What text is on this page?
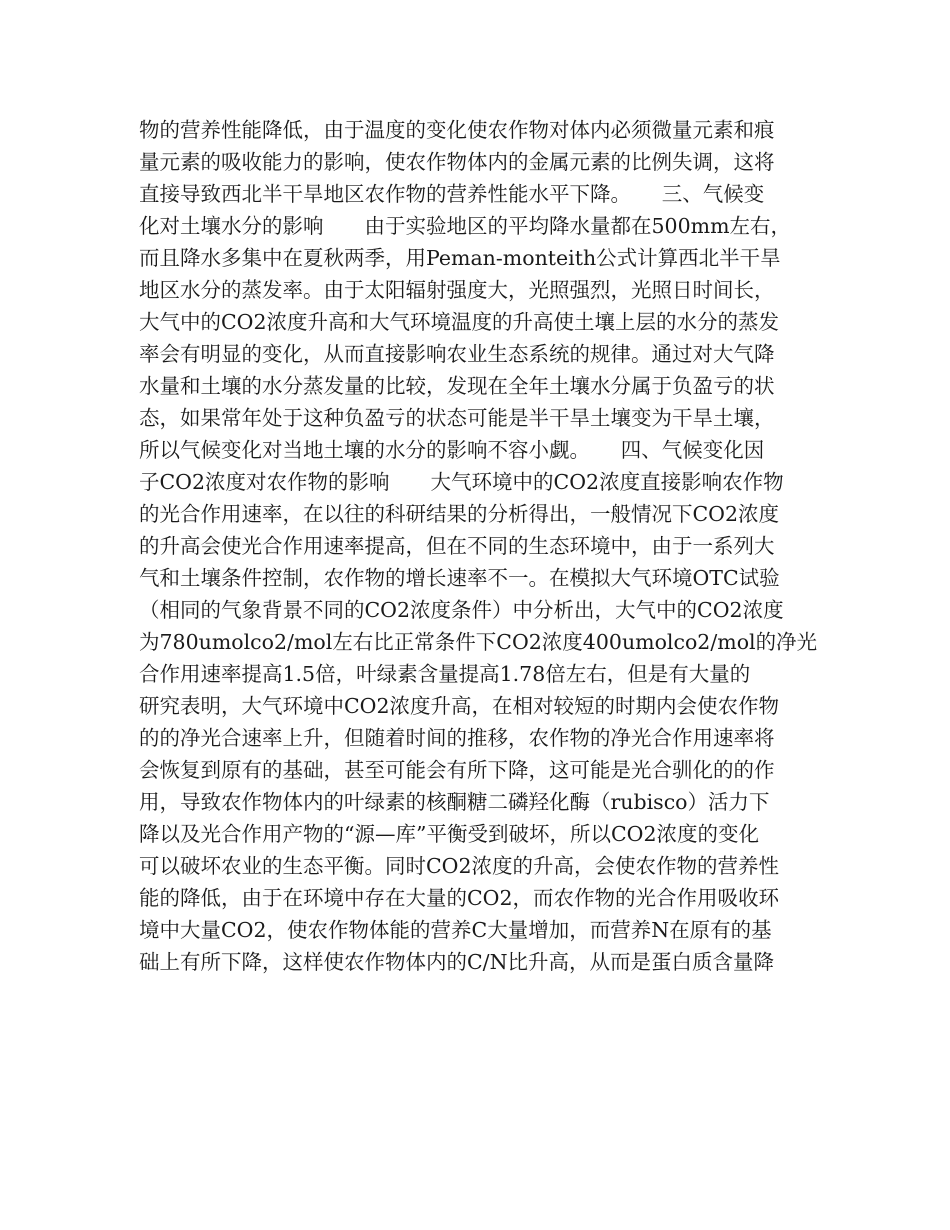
物的营养性能降低，由于温度的变化使农作物对体内必须微量元素和痕
量元素的吸收能力的影响，使农作物体内的金属元素的比例失调，这将
直接导致西北半干旱地区农作物的营养性能水平下降。　　三、气候变
化对土壤水分的影响　　由于实验地区的平均降水量都在500mm左右，
而且降水多集中在夏秋两季，用Peman-monteith公式计算西北半干旱
地区水分的蒸发率。由于太阳辐射强度大，光照强烈，光照日时间长，
大气中的CO2浓度升高和大气环境温度的升高使土壤上层的水分的蒸发
率会有明显的变化，从而直接影响农业生态系统的规律。通过对大气降
水量和土壤的水分蒸发量的比较，发现在全年土壤水分属于负盈亏的状
态，如果常年处于这种负盈亏的状态可能是半干旱土壤变为干旱土壤，
所以气候变化对当地土壤的水分的影响不容小觑。　　四、气候变化因
子CO2浓度对农作物的影响　　大气环境中的CO2浓度直接影响农作物
的光合作用速率，在以往的科研结果的分析得出，一般情况下CO2浓度
的升高会使光合作用速率提高，但在不同的生态环境中，由于一系列大
气和土壤条件控制，农作物的增长速率不一。在模拟大气环境OTC试验
（相同的气象背景不同的CO2浓度条件）中分析出，大气中的CO2浓度
为780umolco2/mol左右比正常条件下CO2浓度400umolco2/mol的净光
合作用速率提高1.5倍，叶绿素含量提高1.78倍左右，但是有大量的
研究表明，大气环境中CO2浓度升高，在相对较短的时期内会使农作物
的的净光合速率上升，但随着时间的推移，农作物的净光合作用速率将
会恢复到原有的基础，甚至可能会有所下降，这可能是光合驯化的的作
用，导致农作物体内的叶绿素的核酮糖二磷羟化酶（rubisco）活力下
降以及光合作用产物的“源—库”平衡受到破坏，所以CO2浓度的变化
可以破坏农业的生态平衡。同时CO2浓度的升高，会使农作物的营养性
能的降低，由于在环境中存在大量的CO2，而农作物的光合作用吸收环
境中大量CO2，使农作物体能的营养C大量增加，而营养N在原有的基
础上有所下降，这样使农作物体内的C/N比升高，从而是蛋白质含量降
